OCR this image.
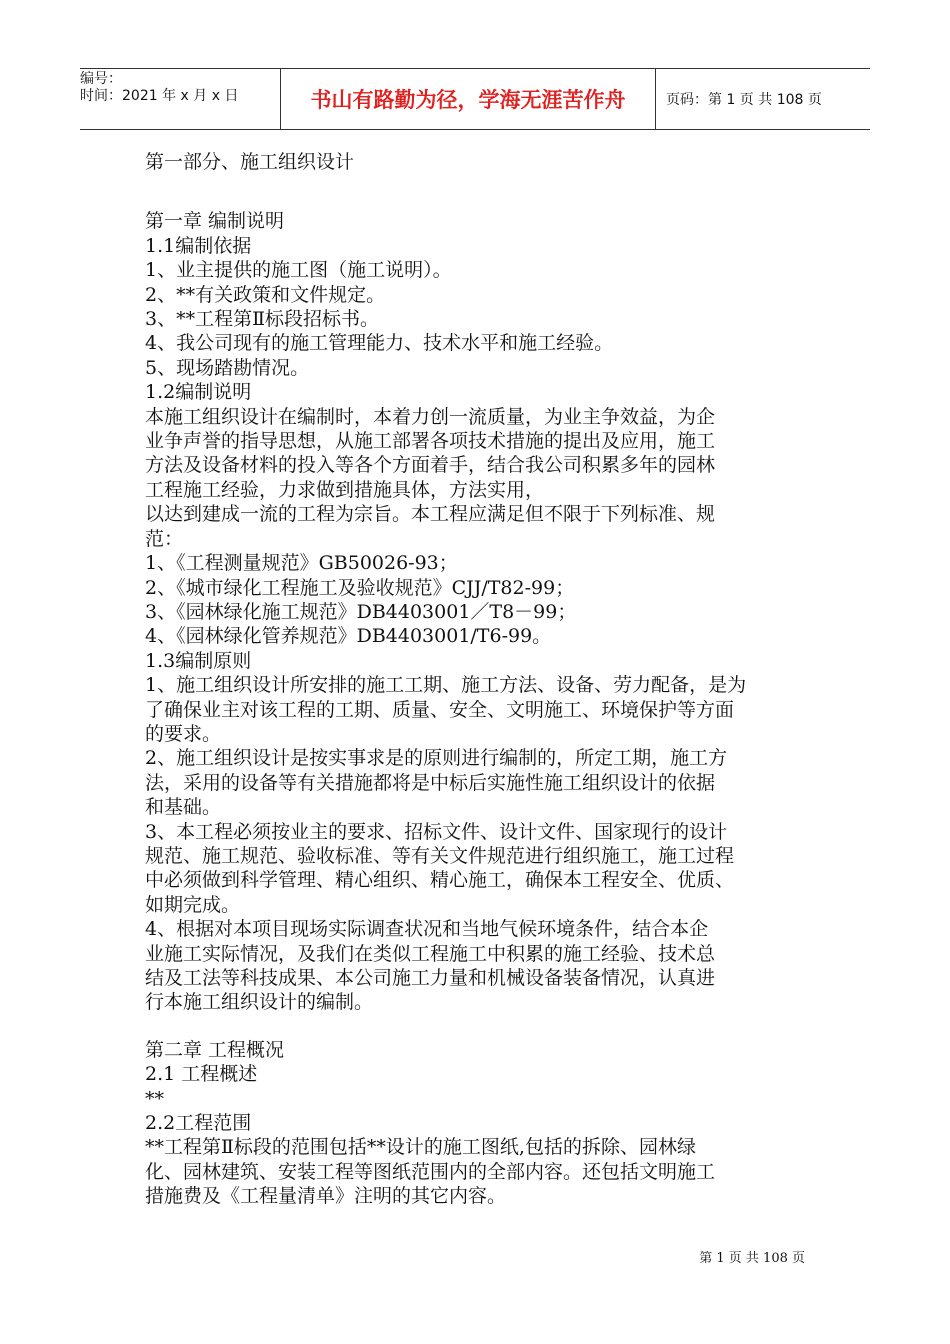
编号：
时间：2021 年 x 月 x 日	书山有路勤为径，学海无涯苦作舟	页码：第 1 页 共 108 页
第一部分、施工组织设计
第一章 编制说明
1.1编制依据
1、业主提供的施工图（施工说明）。
2、**有关政策和文件规定。
3、**工程第Ⅱ标段招标书。
4、我公司现有的施工管理能力、技术水平和施工经验。
5、现场踏勘情况。
1.2编制说明
本施工组织设计在编制时，本着力创一流质量，为业主争效益，为企
业争声誉的指导思想，从施工部署各项技术措施的提出及应用，施工
方法及设备材料的投入等各个方面着手，结合我公司积累多年的园林
工程施工经验，力求做到措施具体，方法实用，
以达到建成一流的工程为宗旨。本工程应满足但不限于下列标准、规
范：
1、《工程测量规范》GB50026-93；
2、《城市绿化工程施工及验收规范》CJJ/T82-99；
3、《园林绿化施工规范》DB4403001／T8－99；
4、《园林绿化管养规范》DB4403001/T6-99。
1.3编制原则
1、施工组织设计所安排的施工工期、施工方法、设备、劳力配备，是为
了确保业主对该工程的工期、质量、安全、文明施工、环境保护等方面
的要求。
2、施工组织设计是按实事求是的原则进行编制的，所定工期，施工方
法，采用的设备等有关措施都将是中标后实施性施工组织设计的依据
和基础。
3、本工程必须按业主的要求、招标文件、设计文件、国家现行的设计
规范、施工规范、验收标准、等有关文件规范进行组织施工，施工过程
中必须做到科学管理、精心组织、精心施工，确保本工程安全、优质、
如期完成。
4、根据对本项目现场实际调查状况和当地气候环境条件，结合本企
业施工实际情况，及我们在类似工程施工中积累的施工经验、技术总
结及工法等科技成果、本公司施工力量和机械设备装备情况，认真进
行本施工组织设计的编制。
第二章 工程概况
2.1 工程概述
**
2.2工程范围
**工程第Ⅱ标段的范围包括**设计的施工图纸,包括的拆除、园林绿
化、园林建筑、安装工程等图纸范围内的全部内容。还包括文明施工
措施费及《工程量清单》注明的其它内容。
第 1 页 共 108 页
